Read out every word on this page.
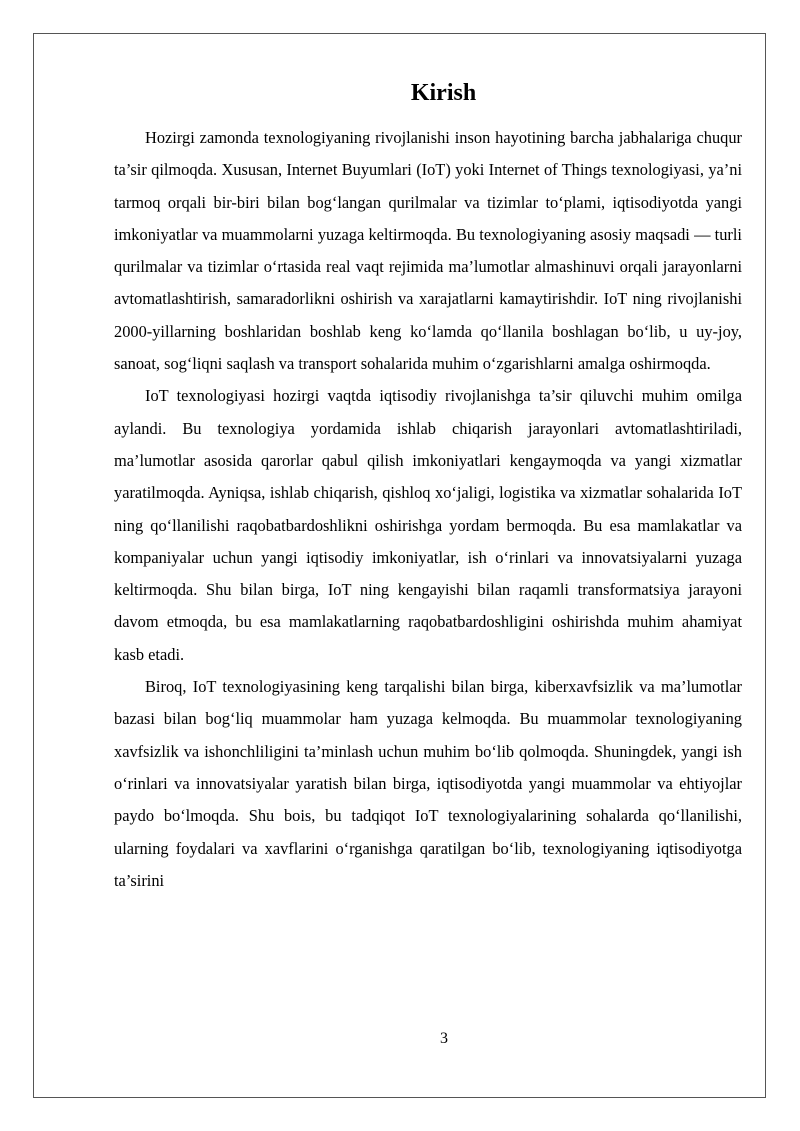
Kirish

Hozirgi zamonda texnologiyaning rivojlanishi inson hayotining barcha jabhalariga chuqur ta’sir qilmoqda. Xususan, Internet Buyumlari (IoT) yoki Internet of Things texnologiyasi, ya’ni tarmoq orqali bir-biri bilan bog‘langan qurilmalar va tizimlar to‘plami, iqtisodiyotda yangi imkoniyatlar va muammolarni yuzaga keltirmoqda. Bu texnologiyaning asosiy maqsadi — turli qurilmalar va tizimlar o‘rtasida real vaqt rejimida ma’lumotlar almashinuvi orqali jarayonlarni avtomatlashtirish, samaradorlikni oshirish va xarajatlarni kamaytirishdir. IoT ning rivojlanishi 2000-yillarning boshlaridan boshlab keng ko‘lamda qo‘llanila boshlagan bo‘lib, u uy-joy, sanoat, sog‘liqni saqlash va transport sohalarida muhim o‘zgarishlarni amalga oshirmoqda.

IoT texnologiyasi hozirgi vaqtda iqtisodiy rivojlanishga ta’sir qiluvchi muhim omilga aylandi. Bu texnologiya yordamida ishlab chiqarish jarayonlari avtomatlashtiriladi, ma’lumotlar asosida qarorlar qabul qilish imkoniyatlari kengaymoqda va yangi xizmatlar yaratilmoqda. Ayniqsa, ishlab chiqarish, qishloq xo‘jaligi, logistika va xizmatlar sohalarida IoT ning qo‘llanilishi raqobatbardoshlikni oshirishga yordam bermoqda. Bu esa mamlakatlar va kompaniyalar uchun yangi iqtisodiy imkoniyatlar, ish o‘rinlari va innovatsiyalarni yuzaga keltirmoqda. Shu bilan birga, IoT ning kengayishi bilan raqamli transformatsiya jarayoni davom etmoqda, bu esa mamlakatlarning raqobatbardoshligini oshirishda muhim ahamiyat kasb etadi.

Biroq, IoT texnologiyasining keng tarqalishi bilan birga, kiberxavfsizlik va ma’lumotlar bazasi bilan bog‘liq muammolar ham yuzaga kelmoqda. Bu muammolar texnologiyaning xavfsizlik va ishonchliligini ta’minlash uchun muhim bo‘lib qolmoqda. Shuningdek, yangi ish o‘rinlari va innovatsiyalar yaratish bilan birga, iqtisodiyotda yangi muammolar va ehtiyojlar paydo bo‘lmoqda. Shu bois, bu tadqiqot IoT texnologiyalarining sohalarda qo‘llanilishi, ularning foydalari va xavflarini o‘rganishga qaratilgan bo‘lib, texnologiyaning iqtisodiyotga ta’sirini

3
